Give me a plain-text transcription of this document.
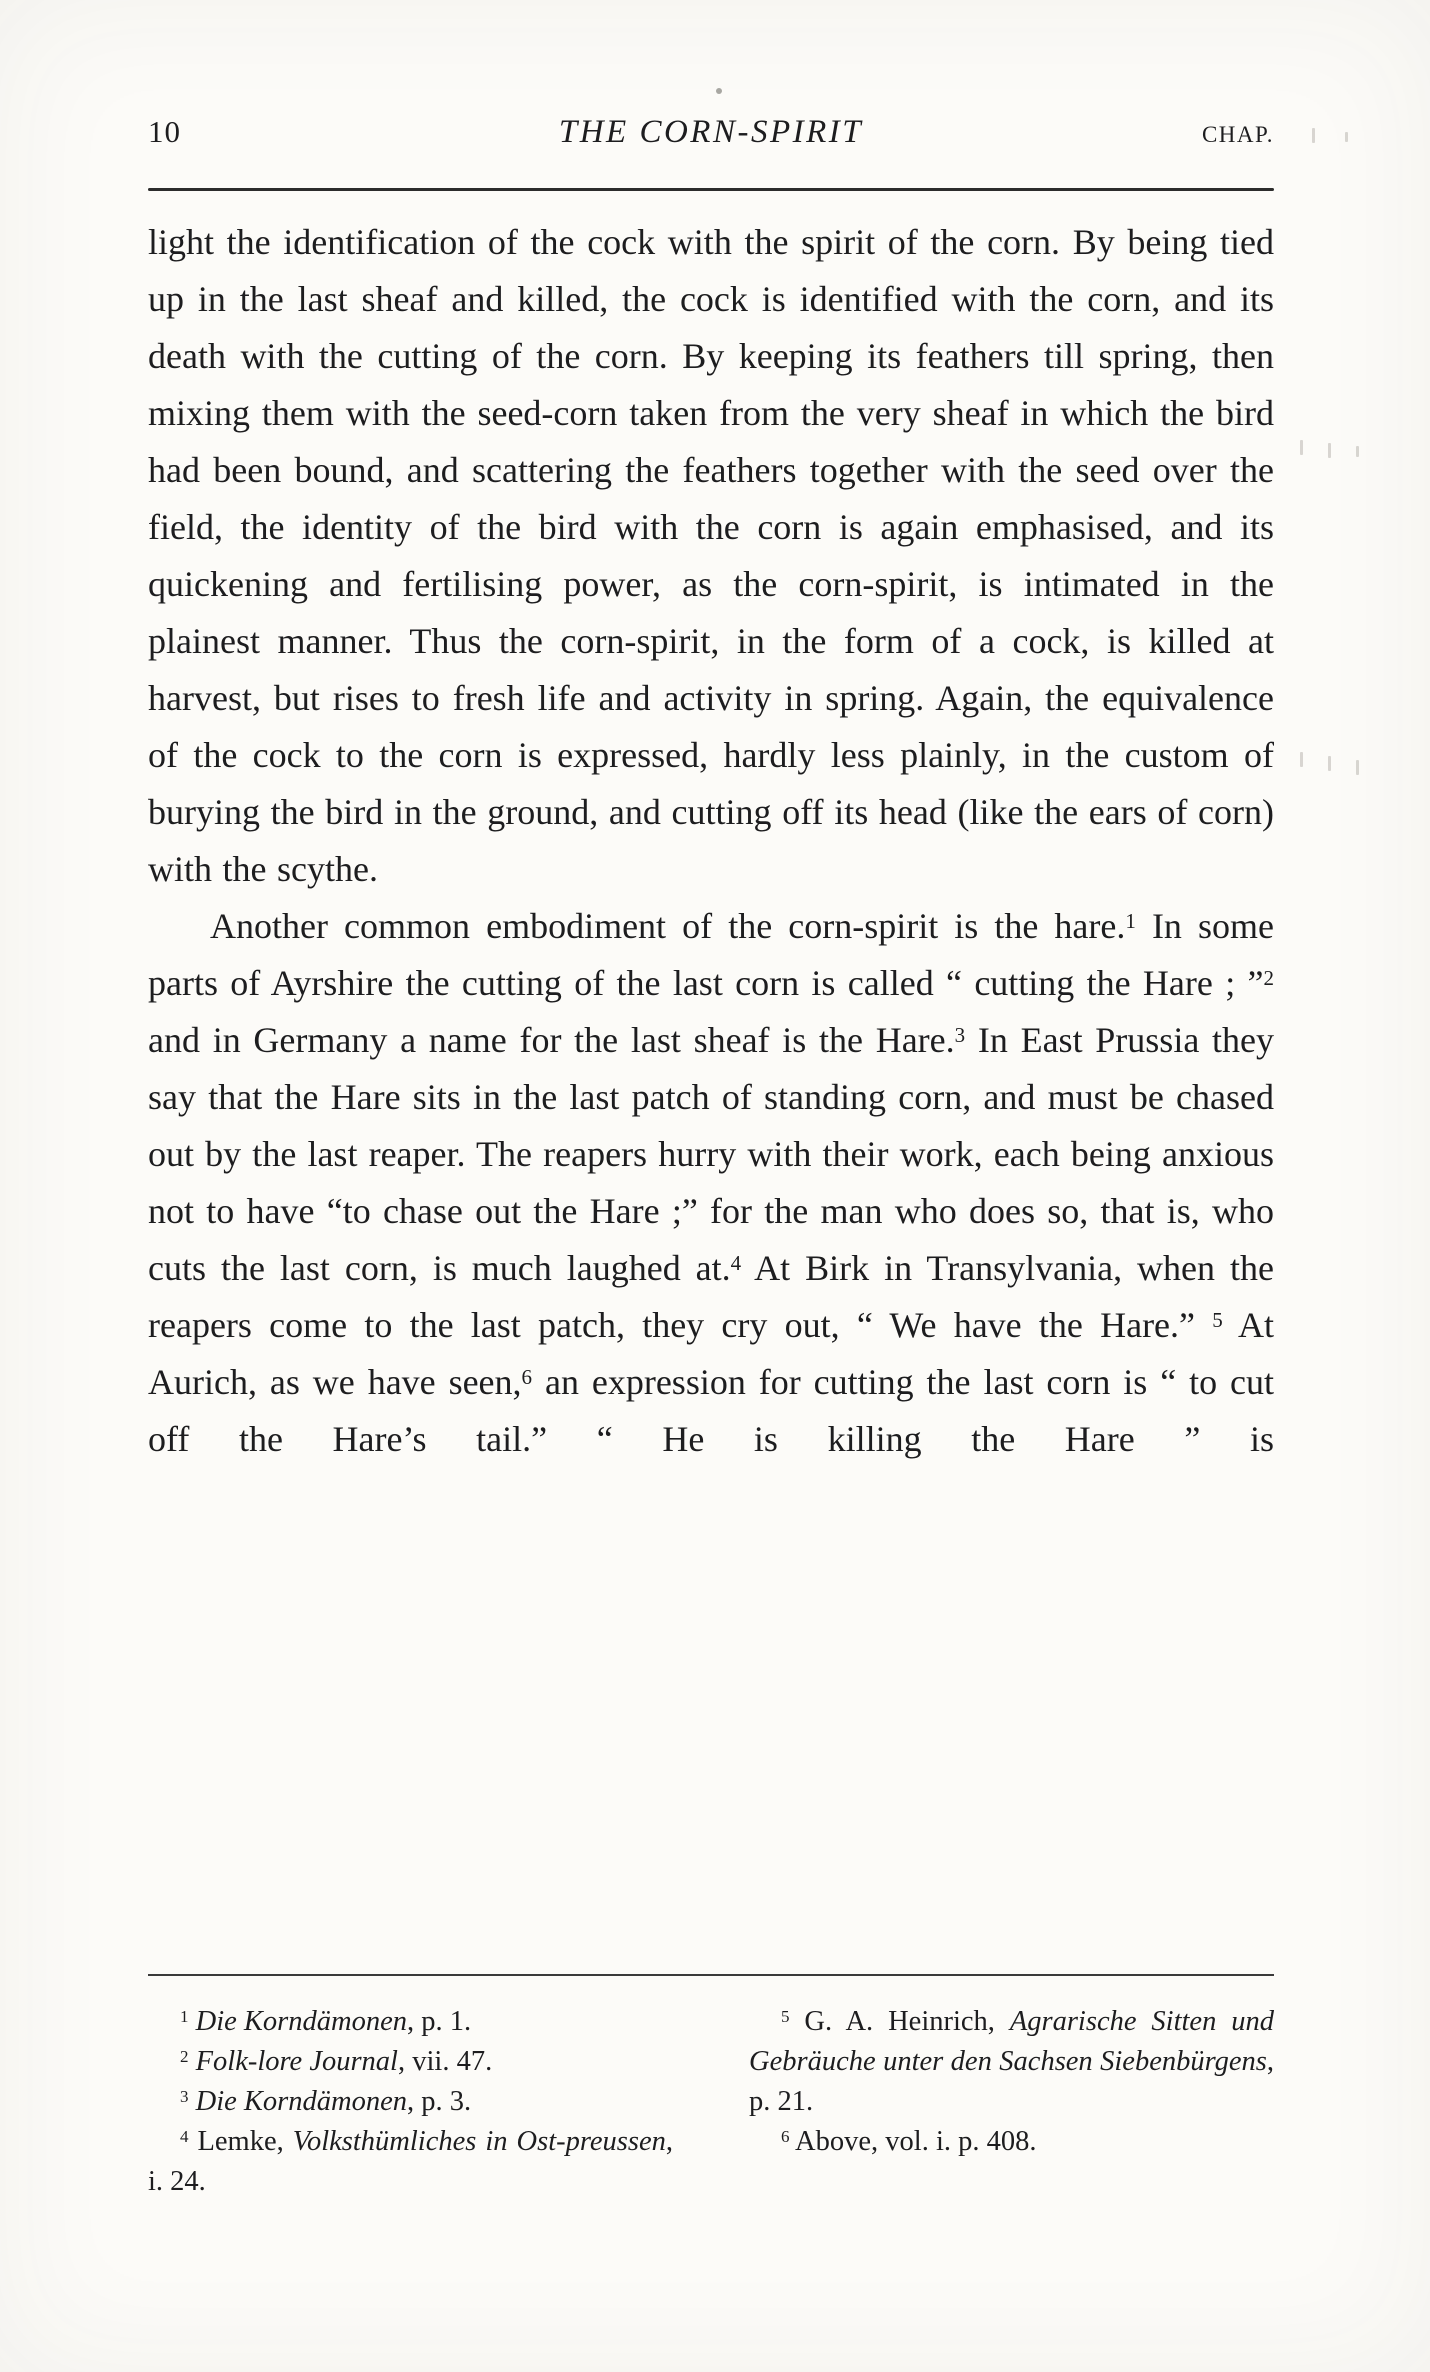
10	THE CORN-SPIRIT	CHAP.

light the identification of the cock with the spirit of the corn. By being tied up in the last sheaf and killed, the cock is identified with the corn, and its death with the cutting of the corn. By keeping its feathers till spring, then mixing them with the seed-corn taken from the very sheaf in which the bird had been bound, and scattering the feathers together with the seed over the field, the identity of the bird with the corn is again emphasised, and its quickening and fertilising power, as the corn-spirit, is intimated in the plainest manner. Thus the corn-spirit, in the form of a cock, is killed at harvest, but rises to fresh life and activity in spring. Again, the equivalence of the cock to the corn is expressed, hardly less plainly, in the custom of burying the bird in the ground, and cutting off its head (like the ears of corn) with the scythe.

Another common embodiment of the corn-spirit is the hare.$^1$ In some parts of Ayrshire the cutting of the last corn is called “ cutting the Hare ; ”$^2$ and in Germany a name for the last sheaf is the Hare.$^3$ In East Prussia they say that the Hare sits in the last patch of standing corn, and must be chased out by the last reaper. The reapers hurry with their work, each being anxious not to have “to chase out the Hare ;” for the man who does so, that is, who cuts the last corn, is much laughed at.$^4$ At Birk in Transylvania, when the reapers come to the last patch, they cry out, “ We have the Hare.” $^5$ At Aurich, as we have seen,$^6$ an expression for cutting the last corn is “ to cut off the Hare’s tail.” “ He is killing the Hare ” is

$^1$ Die Korndämonen, p. 1.

$^2$ Folk-lore Journal, vii. 47.

$^3$ Die Korndämonen, p. 3.

$^4$ Lemke, Volksthümliches in Ost-preussen, i. 24.

$^5$ G. A. Heinrich, Agrarische Sitten und Gebräuche unter den Sachsen Siebenbürgens, p. 21.

$^6$ Above, vol. i. p. 408.
